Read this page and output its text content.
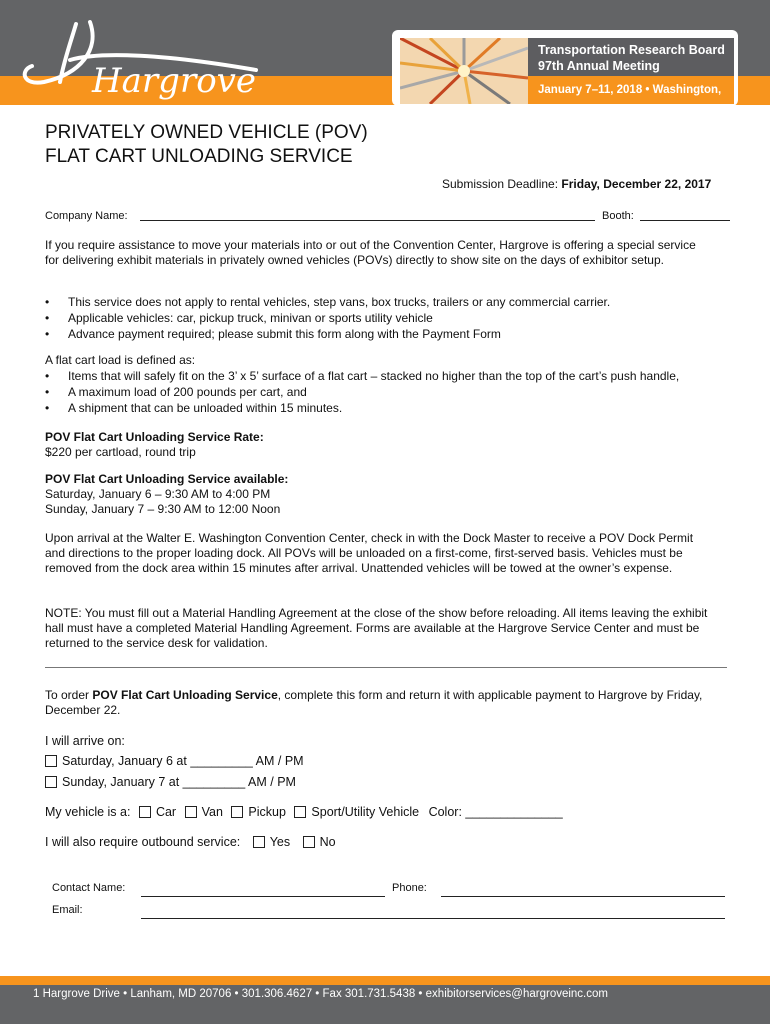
Hargrove
Transportation Research Board
97th Annual Meeting
January 7–11, 2018 • Washington, D.C.
PRIVATELY OWNED VEHICLE (POV)
FLAT CART UNLOADING SERVICE
Submission Deadline: Friday, December 22, 2017
Company Name:	Booth:
If you require assistance to move your materials into or out of the Convention Center, Hargrove is offering a special service for delivering exhibit materials in privately owned vehicles (POVs) directly to show site on the days of exhibitor setup.
• This service does not apply to rental vehicles, step vans, box trucks, trailers or any commercial carrier.
• Applicable vehicles: car, pickup truck, minivan or sports utility vehicle
• Advance payment required; please submit this form along with the Payment Form
A flat cart load is defined as:
• Items that will safely fit on the 3’ x 5’ surface of a flat cart – stacked no higher than the top of the cart’s push handle,
• A maximum load of 200 pounds per cart, and
• A shipment that can be unloaded within 15 minutes.
POV Flat Cart Unloading Service Rate:
$220 per cartload, round trip
POV Flat Cart Unloading Service available:
Saturday, January 6 – 9:30 AM to 4:00 PM
Sunday, January 7 – 9:30 AM to 12:00 Noon
Upon arrival at the Walter E. Washington Convention Center, check in with the Dock Master to receive a POV Dock Permit and directions to the proper loading dock. All POVs will be unloaded on a first-come, first-served basis. Vehicles must be removed from the dock area within 15 minutes after arrival. Unattended vehicles will be towed at the owner’s expense.
NOTE: You must fill out a Material Handling Agreement at the close of the show before reloading. All items leaving the exhibit hall must have a completed Material Handling Agreement. Forms are available at the Hargrove Service Center and must be returned to the service desk for validation.
To order POV Flat Cart Unloading Service, complete this form and return it with applicable payment to Hargrove by Friday, December 22.
I will arrive on:
Saturday, January 6 at _________ AM / PM
Sunday, January 7 at _________ AM / PM
My vehicle is a: Car Van Pickup Sport/Utility Vehicle Color: ______________
I will also require outbound service: Yes No
Contact Name:	Phone:
Email:
1 Hargrove Drive • Lanham, MD 20706 • 301.306.4627 • Fax 301.731.5438 • exhibitorservices@hargroveinc.com
